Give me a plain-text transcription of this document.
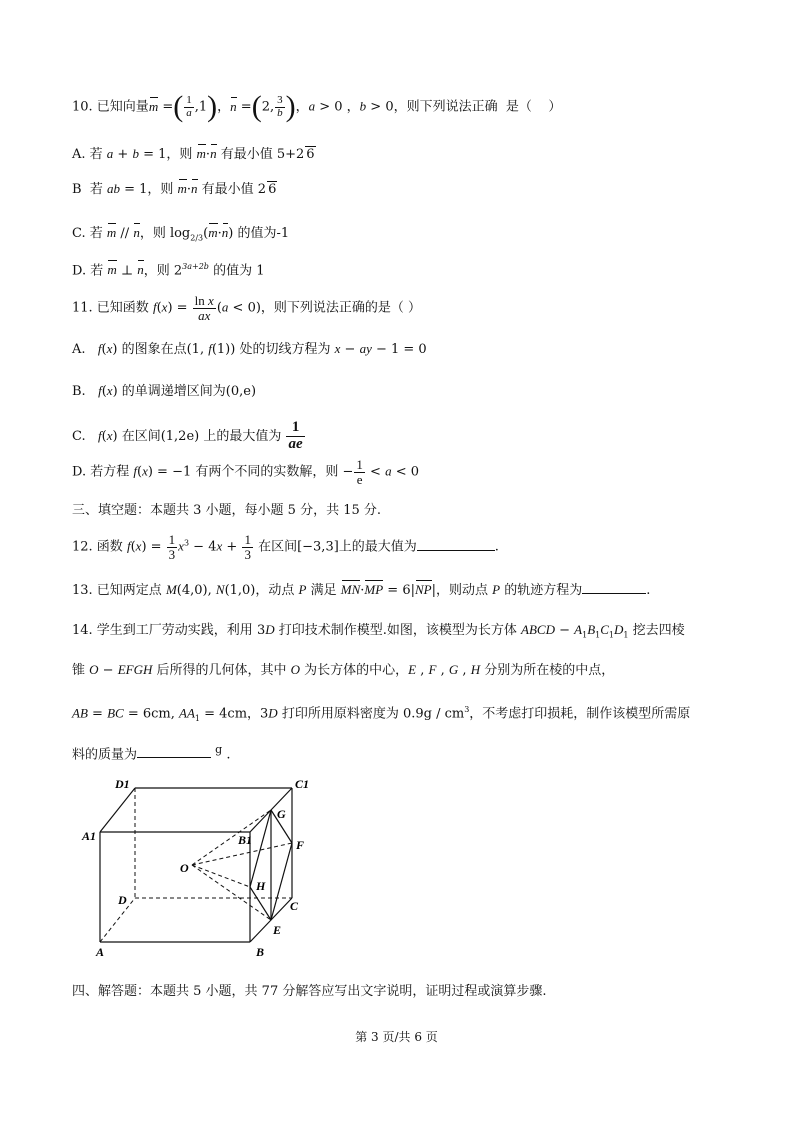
10. 已知向量m =( $\frac{1}{a} ,1$)，n =(2, $\frac{3}{b}$ )，a > 0 ，b > 0，则下列说法正确  是（    ）
A. 若 a + b = 1，则 m·n 有最小值 5+2 6
B  若 ab = 1，则 m·n 有最小值 2 6
C. 若 m // n，则 $\log_{2/3}(m\cdot n)$ 的值为-1
D. 若 m ⊥ n，则 $2^{3a+2b}$ 的值为 1
11. 已知函数 $f(x) = \frac{\text{ln x}}{ax} (a < 0)$，则下列说法正确的是（ ）
A.   f(x) 的图象在点(1, f(1)) 处的切线方程为 x − ay − 1 = 0
B.   f(x) 的单调递增区间为(0,e)
C.   f(x) 在区间(1,2e) 上的最大值为 $\frac{1}{ae}$
D. 若方程 f(x) = −1 有两个不同的实数解，则 − $\frac{1}{e} < a < 0$
三、填空题：本题共 3 小题，每小题 5 分，共 15 分.
12. 函数 $f(x) = \frac{1}{3} x^3 - 4x + \frac{1}{3}$ 在区间[−3,3]上的最大值为	.
13. 已知两定点 M(4,0), N(1,0)，动点 P 满足 MN·MP = 6|NP|，则动点 P 的轨迹方程为	.
14. 学生到工厂劳动实践，利用 3D 打印技术制作模型.如图，该模型为长方体 ABCD − $A_1B_1C_1D_1$ 挖去四棱
锥 O − EFGH 后所得的几何体，其中 O 为长方体的中心，E , F , G , H 分别为所在棱的中点，
AB = BC = 6cm, $AA_1 = 4cm$，3D 打印所用原料密度为 $0.9g / cm^3$，不考虑打印损耗，制作该模型所需原
料的质量为	$^g$ .
D1	C1
A1	B1
G
F
O
H
D	C
E
A	B
四、解答题：本题共 5 小题，共 77 分解答应写出文字说明，证明过程或演算步骤.
第 3 页/共 6 页
